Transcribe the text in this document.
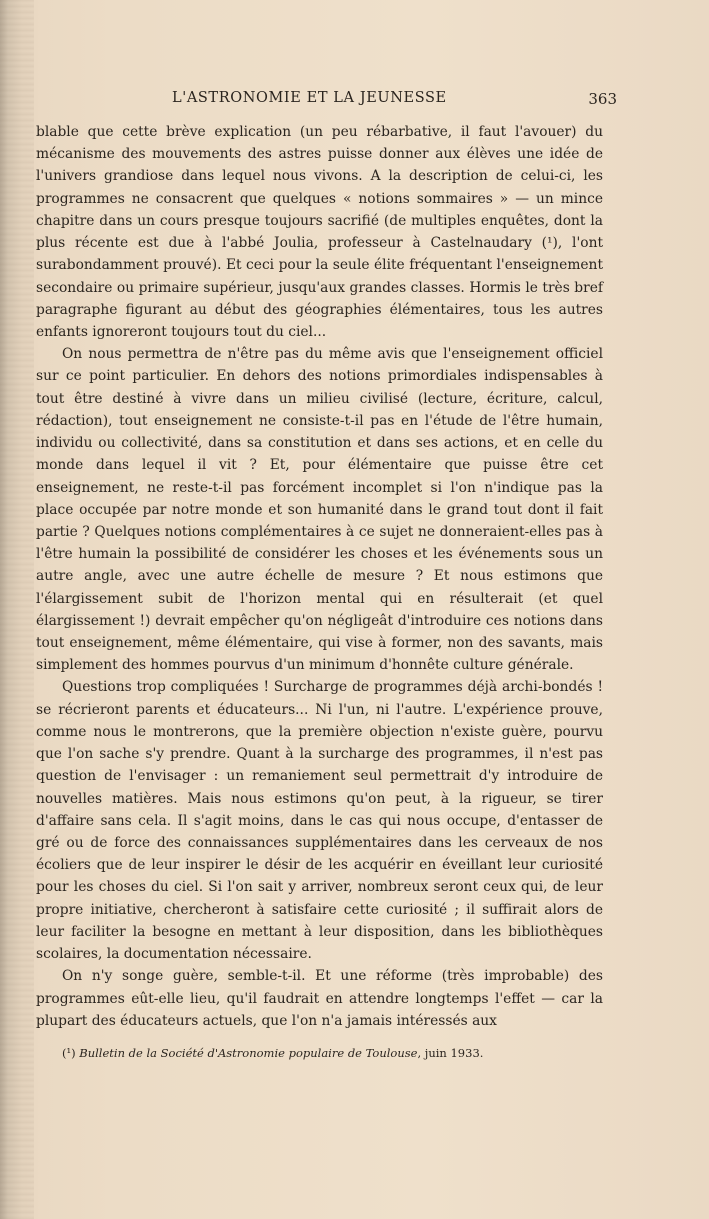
L'ASTRONOMIE ET LA JEUNESSE	363

blable que cette brève explication (un peu rébarbative, il faut l'avouer) du mécanisme des mouvements des astres puisse donner aux élèves une idée de l'univers grandiose dans lequel nous vivons. A la description de celui-ci, les programmes ne consacrent que quelques « notions sommaires » — un mince chapitre dans un cours presque toujours sacrifié (de multiples enquêtes, dont la plus récente est due à l'abbé Joulia, professeur à Castelnaudary (¹), l'ont surabondamment prouvé). Et ceci pour la seule élite fréquentant l'enseignement secondaire ou primaire supérieur, jusqu'aux grandes classes. Hormis le très bref paragraphe figurant au début des géographies élémentaires, tous les autres enfants ignoreront toujours tout du ciel...

On nous permettra de n'être pas du même avis que l'enseignement officiel sur ce point particulier. En dehors des notions primordiales indispensables à tout être destiné à vivre dans un milieu civilisé (lecture, écriture, calcul, rédaction), tout enseignement ne consiste-t-il pas en l'étude de l'être humain, individu ou collectivité, dans sa constitution et dans ses actions, et en celle du monde dans lequel il vit ? Et, pour élémentaire que puisse être cet enseignement, ne reste-t-il pas forcément incomplet si l'on n'indique pas la place occupée par notre monde et son humanité dans le grand tout dont il fait partie ? Quelques notions complémentaires à ce sujet ne donneraient-elles pas à l'être humain la possibilité de considérer les choses et les événements sous un autre angle, avec une autre échelle de mesure ? Et nous estimons que l'élargissement subit de l'horizon mental qui en résulterait (et quel élargissement !) devrait empêcher qu'on négligeât d'introduire ces notions dans tout enseignement, même élémentaire, qui vise à former, non des savants, mais simplement des hommes pourvus d'un minimum d'honnête culture générale.

Questions trop compliquées ! Surcharge de programmes déjà archi-bondés ! se récrieront parents et éducateurs... Ni l'un, ni l'autre. L'expérience prouve, comme nous le montrerons, que la première objection n'existe guère, pourvu que l'on sache s'y prendre. Quant à la surcharge des programmes, il n'est pas question de l'envisager : un remaniement seul permettrait d'y introduire de nouvelles matières. Mais nous estimons qu'on peut, à la rigueur, se tirer d'affaire sans cela. Il s'agit moins, dans le cas qui nous occupe, d'entasser de gré ou de force des connaissances supplémentaires dans les cerveaux de nos écoliers que de leur inspirer le désir de les acquérir en éveillant leur curiosité pour les choses du ciel. Si l'on sait y arriver, nombreux seront ceux qui, de leur propre initiative, chercheront à satisfaire cette curiosité ; il suffirait alors de leur faciliter la besogne en mettant à leur disposition, dans les bibliothèques scolaires, la documentation nécessaire.

On n'y songe guère, semble-t-il. Et une réforme (très improbable) des programmes eût-elle lieu, qu'il faudrait en attendre longtemps l'effet — car la plupart des éducateurs actuels, que l'on n'a jamais intéressés aux

(¹) Bulletin de la Société d'Astronomie populaire de Toulouse, juin 1933.
